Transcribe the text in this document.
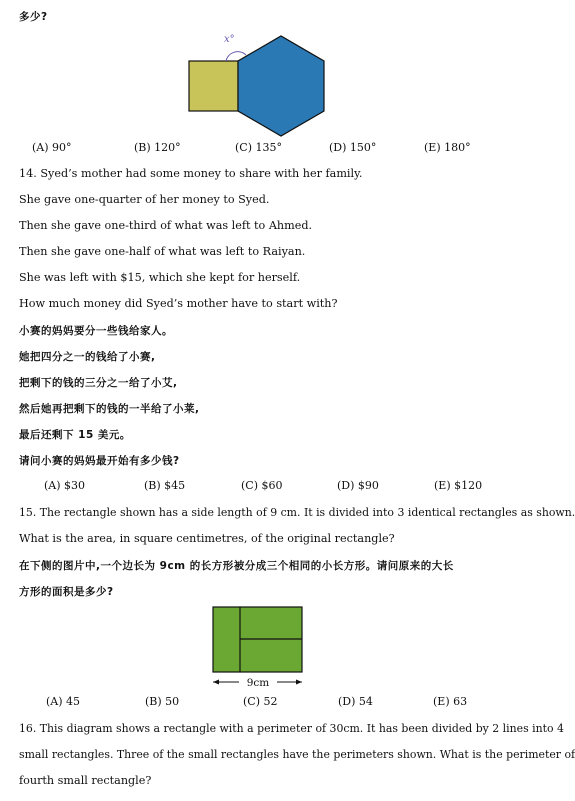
多少?
x°
(A) 90°	(B) 120°	(C) 135°	(D) 150°	(E) 180°
14. Syed’s mother had some money to share with her family.
She gave one-quarter of her money to Syed.
Then she gave one-third of what was left to Ahmed.
Then she gave one-half of what was left to Raiyan.
She was left with $15, which she kept for herself.
How much money did Syed’s mother have to start with?
小赛的妈妈要分一些钱给家人。
她把四分之一的钱给了小赛,
把剩下的钱的三分之一给了小艾,
然后她再把剩下的钱的一半给了小莱,
最后还剩下 15 美元。
请问小赛的妈妈最开始有多少钱?
(A) $30	(B) $45	(C) $60	(D) $90	(E) $120
15. The rectangle shown has a side length of 9 cm. It is divided into 3 identical rectangles as shown.
What is the area, in square centimetres, of the original rectangle?
在下侧的图片中,一个边长为 9cm 的长方形被分成三个相同的小长方形。请问原来的大长
方形的面积是多少?
9cm
(A) 45	(B) 50	(C) 52	(D) 54	(E) 63
16. This diagram shows a rectangle with a perimeter of 30cm. It has been divided by 2 lines into 4
small rectangles. Three of the small rectangles have the perimeters shown. What is the perimeter of
fourth small rectangle?
